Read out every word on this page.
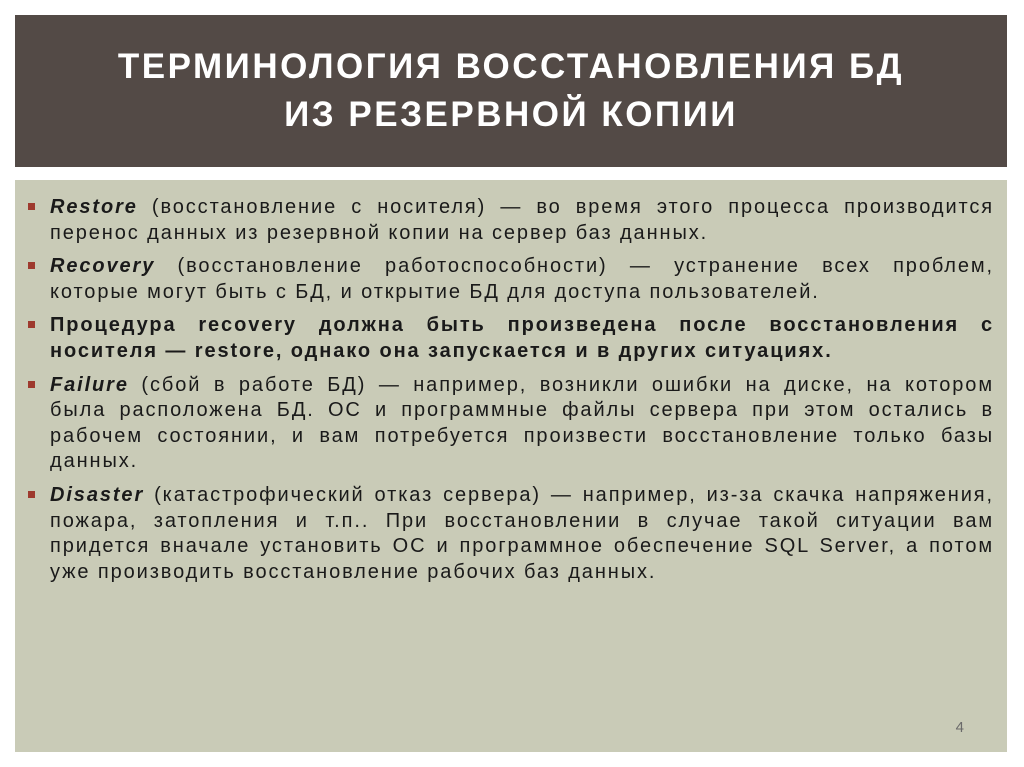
ТЕРМИНОЛОГИЯ ВОССТАНОВЛЕНИЯ БД
ИЗ РЕЗЕРВНОЙ КОПИИ
Restore (восстановление с носителя) — во время этого процесса производится перенос данных из резервной копии на сервер баз данных.
Recovery (восстановление работоспособности) — устранение всех проблем, которые могут быть с БД, и открытие БД для доступа пользователей.
Процедура recovery должна быть произведена после восстановления с носителя — restore, однако она запускается и в других ситуациях.
Failure (сбой в работе БД) — например, возникли ошибки на диске, на котором была расположена БД. ОС и программные файлы сервера при этом остались в рабочем состоянии, и вам потребуется произвести восстановление только базы данных.
Disaster (катастрофический отказ сервера) — например, из-за скачка напряжения, пожара, затопления и т.п.. При восстановлении в случае такой ситуации вам придется вначале установить ОС и программное обеспечение SQL Server, а потом уже производить восстановление рабочих баз данных.
4
